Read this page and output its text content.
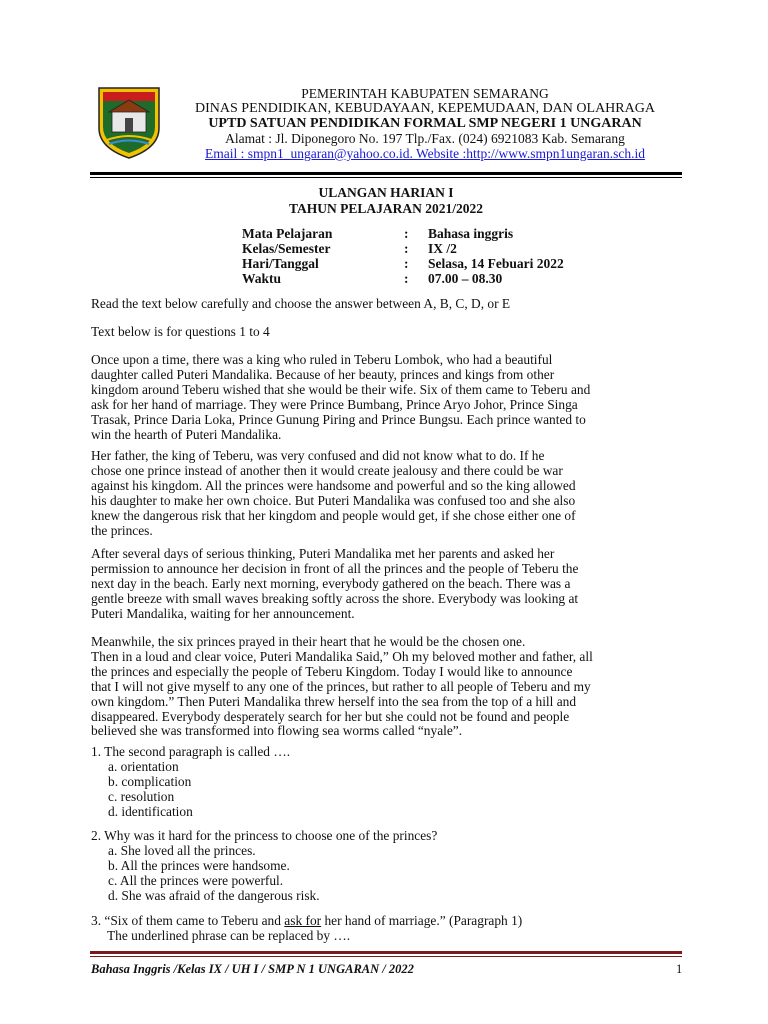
PEMERINTAH KABUPATEN SEMARANG
DINAS PENDIDIKAN, KEBUDAYAAN, KEPEMUDAAN, DAN OLAHRAGA
UPTD SATUAN PENDIDIKAN FORMAL SMP NEGERI 1 UNGARAN
Alamat : Jl. Diponegoro No. 197 Tlp./Fax. (024) 6921083 Kab. Semarang
Email : smpn1_ungaran@yahoo.co.id. Website :http://www.smpn1ungaran.sch.id
ULANGAN HARIAN I
TAHUN PELAJARAN 2021/2022
Mata Pelajaran	: Bahasa inggris
Kelas/Semester	: IX /2
Hari/Tanggal	: Selasa, 14 Febuari 2022
Waktu	: 07.00 – 08.30

Read the text below carefully and choose the answer between A, B, C, D, or E

Text below is for questions 1 to 4

Once upon a time, there was a king who ruled in Teberu Lombok, who had a beautiful

daughter called Puteri Mandalika. Because of her beauty, princes and kings from other

kingdom around Teberu wished that she would be their wife. Six of them came to Teberu and

ask for her hand of marriage. They were Prince Bumbang, Prince Aryo Johor, Prince Singa

Trasak, Prince Daria Loka, Prince Gunung Piring and Prince Bungsu. Each prince wanted to

win the hearth of Puteri Mandalika.

Her father, the king of Teberu, was very confused and did not know what to do. If he

chose one prince instead of another then it would create jealousy and there could be war

against his kingdom. All the princes were handsome and powerful and so the king allowed

his daughter to make her own choice. But Puteri Mandalika was confused too and she also

knew the dangerous risk that her kingdom and people would get, if she chose either one of

the princes.

After several days of serious thinking, Puteri Mandalika met her parents and asked her

permission to announce her decision in front of all the princes and the people of Teberu the

next day in the beach. Early next morning, everybody gathered on the beach. There was a

gentle breeze with small waves breaking softly across the shore. Everybody was looking at

Puteri Mandalika, waiting for her announcement.

Meanwhile, the six princes prayed in their heart that he would be the chosen one.

Then in a loud and clear voice, Puteri Mandalika Said,” Oh my beloved mother and father, all

the princes and especially the people of Teberu Kingdom. Today I would like to announce

that I will not give myself to any one of the princes, but rather to all people of Teberu and my

own kingdom.” Then Puteri Mandalika threw herself into the sea from the top of a hill and

disappeared. Everybody desperately search for her but she could not be found and people

believed she was transformed into flowing sea worms called “nyale”.

1. The second paragraph is called ….

a. orientation

b. complication

c. resolution

d. identification

2. Why was it hard for the princess to choose one of the princes?

a. She loved all the princes.

b. All the princes were handsome.

c. All the princes were powerful.

d. She was afraid of the dangerous risk.

3. “Six of them came to Teberu and ask for her hand of marriage.” (Paragraph 1)

The underlined phrase can be replaced by ….

Bahasa Inggris /Kelas IX / UH I / SMP N 1 UNGARAN / 2022	1
